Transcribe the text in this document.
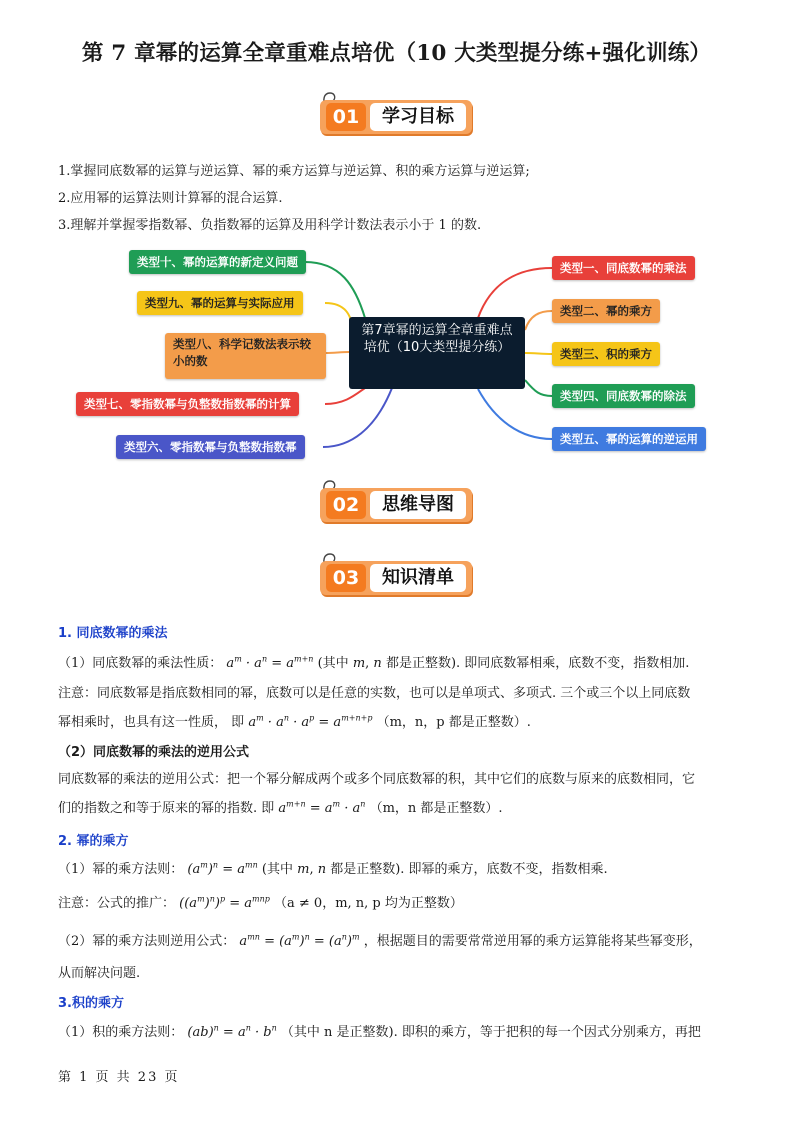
第 7 章幂的运算全章重难点培优（10 大类型提分练+强化训练）
01	学习目标
1.掌握同底数幂的运算与逆运算、幂的乘方运算与逆运算、积的乘方运算与逆运算;
2.应用幂的运算法则计算幂的混合运算.
3.理解并掌握零指数幂、负指数幂的运算及用科学计数法表示小于 1 的数.
类型十、幂的运算的新定义问题
类型九、幂的运算与实际应用
类型八、科学记数法表示较小的数
类型七、零指数幂与负整数指数幂的计算
类型六、零指数幂与负整数指数幂
第7章幂的运算全章重难点培优（10大类型提分练）
类型一、同底数幂的乘法
类型二、幂的乘方
类型三、积的乘方
类型四、同底数幂的除法
类型五、幂的运算的逆运用
02	思维导图
03	知识清单
1. 同底数幂的乘法
（1）同底数幂的乘法性质： $a^m \cdot a^n = a^{m+n}$ (其中 m, n 都是正整数). 即同底数幂相乘，底数不变，指数相加.
注意：同底数幂是指底数相同的幂，底数可以是任意的实数，也可以是单项式、多项式. 三个或三个以上同底数
幂相乘时，也具有这一性质， 即 $a^m \cdot a^n \cdot a^p = a^{m+n+p}$ （m，n，p 都是正整数）.
（2）同底数幂的乘法的逆用公式
同底数幂的乘法的逆用公式：把一个幂分解成两个或多个同底数幂的积，其中它们的底数与原来的底数相同，它
们的指数之和等于原来的幂的指数. 即 $a^{m+n} = a^m \cdot a^n$ （m，n 都是正整数）.
2. 幂的乘方
（1）幂的乘方法则： $(a^m)^n = a^{mn}$ (其中 m, n 都是正整数). 即幂的乘方，底数不变，指数相乘.
注意：公式的推广： $((a^m)^n)^p = a^{mnp}$ （a ≠ 0，m, n, p 均为正整数）
（2）幂的乘方法则逆用公式： $a^{mn} = (a^m)^n = (a^n)^m$ ，根据题目的需要常常逆用幂的乘方运算能将某些幂变形，
从而解决问题.
3.积的乘方
（1）积的乘方法则： $(ab)^n = a^n \cdot b^n$ （其中 n 是正整数). 即积的乘方，等于把积的每一个因式分别乘方，再把
第 1 页 共 23 页
